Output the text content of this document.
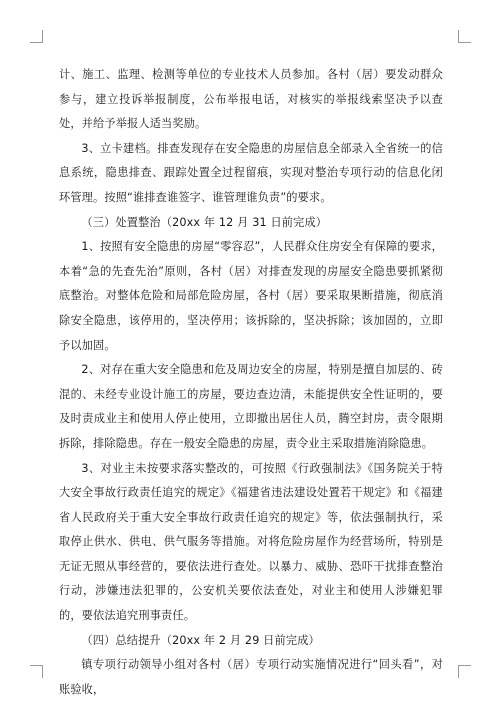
计、施工、监理、检测等单位的专业技术人员参加。各村（居）要发动群众参与，建立投诉举报制度，公布举报电话，对核实的举报线索坚决予以查处，并给予举报人适当奖励。

3、立卡建档。排查发现存在安全隐患的房屋信息全部录入全省统一的信息系统，隐患排查、跟踪处置全过程留痕，实现对整治专项行动的信息化闭环管理。按照“谁排查谁签字、谁管理谁负责”的要求。

（三）处置整治（20xx 年 12 月 31 日前完成）

1、按照有安全隐患的房屋“零容忍”，人民群众住房安全有保障的要求，本着“急的先查先治”原则，各村（居）对排查发现的房屋安全隐患要抓紧彻底整治。对整体危险和局部危险房屋，各村（居）要采取果断措施，彻底消除安全隐患，该停用的，坚决停用；该拆除的，坚决拆除；该加固的，立即予以加固。

2、对存在重大安全隐患和危及周边安全的房屋，特别是擅自加层的、砖混的、未经专业设计施工的房屋，要边查边清，未能提供安全性证明的，要及时责成业主和使用人停止使用，立即撤出居住人员，腾空封房，责令限期拆除，排除隐患。存在一般安全隐患的房屋，责令业主采取措施消除隐患。

3、对业主未按要求落实整改的，可按照《行政强制法》《国务院关于特大安全事故行政责任追究的规定》《福建省违法建设处置若干规定》和《福建省人民政府关于重大安全事故行政责任追究的规定》等，依法强制执行，采取停止供水、供电、供气服务等措施。对将危险房屋作为经营场所，特别是无证无照从事经营的，要依法进行查处。以暴力、威胁、恐吓干扰排查整治行动，涉嫌违法犯罪的，公安机关要依法查处，对业主和使用人涉嫌犯罪的，要依法追究刑事责任。

（四）总结提升（20xx 年 2 月 29 日前完成）

镇专项行动领导小组对各村（居）专项行动实施情况进行“回头看”，对账验收，
